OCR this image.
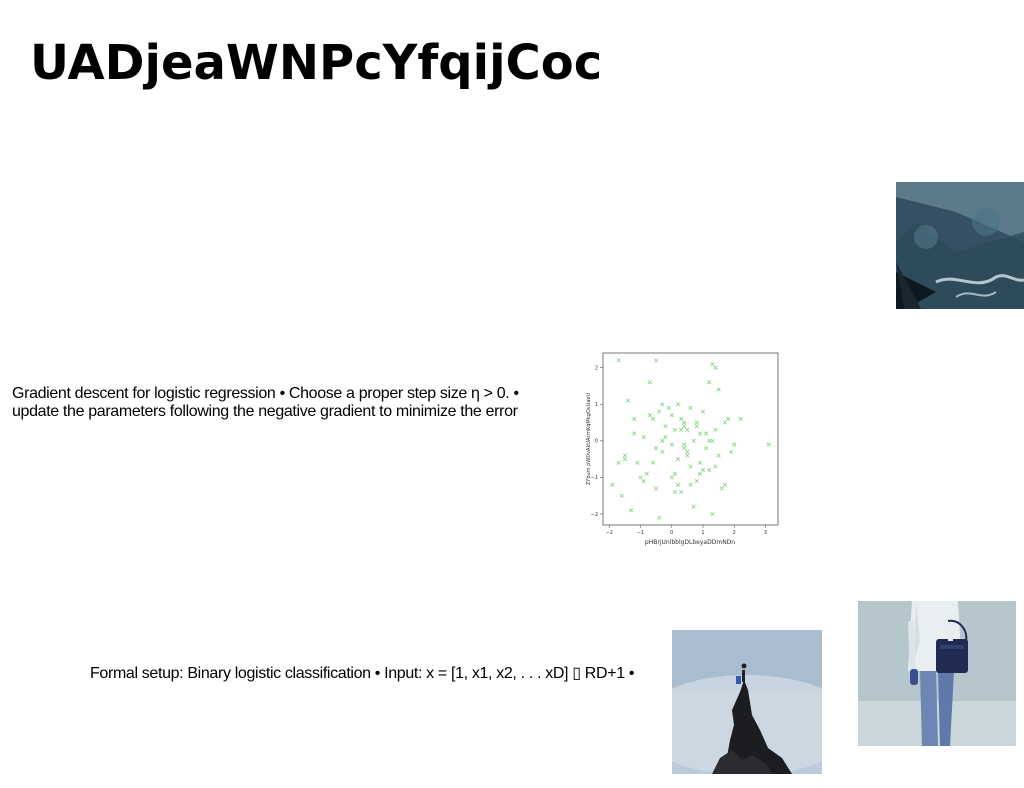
UADjeaWNPcYfqijCoc
Gradient descent for logistic regression • Choose a proper step size η > 0. •
update the parameters following the negative gradient to minimize the error
−2	−1	0	1	2	3
−2
−1
0
1
2
pHBrjUnlbblgDLbeyaDDmNDn
ZYbum pWDvAkUAcmKqMkgOvUaeU
Formal setup: Binary logistic classification • Input: x = [1, x1, x2, . . . xD] ▯ RD+1 •
